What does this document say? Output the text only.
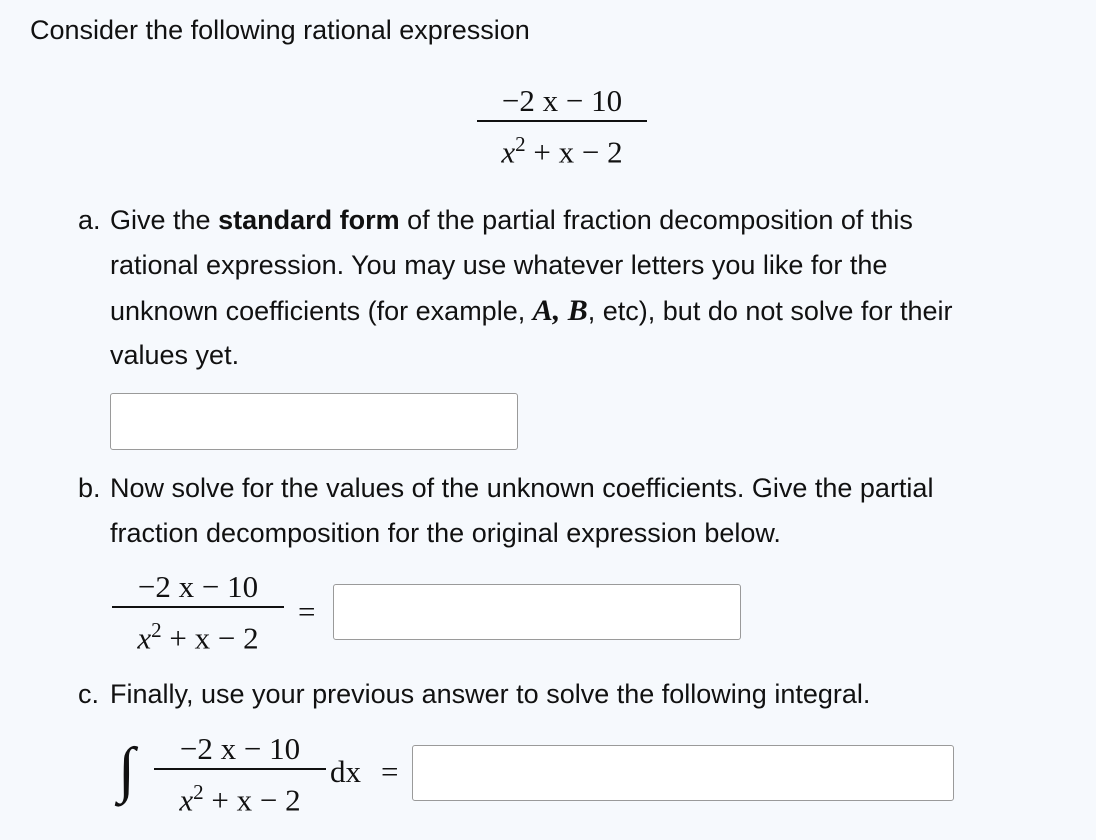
Consider the following rational expression
−2 x − 10
$x^2 + x - 2$
a. Give the standard form of the partial fraction decomposition of this
rational expression. You may use whatever letters you like for the
unknown coefficients (for example, A, B, etc), but do not solve for their
values yet.
b. Now solve for the values of the unknown coefficients. Give the partial
fraction decomposition for the original expression below.
−2 x − 10
$x^2 + x - 2$
=
c. Finally, use your previous answer to solve the following integral.
∫ −2 x − 10
$x^2 + x - 2$
dx =
